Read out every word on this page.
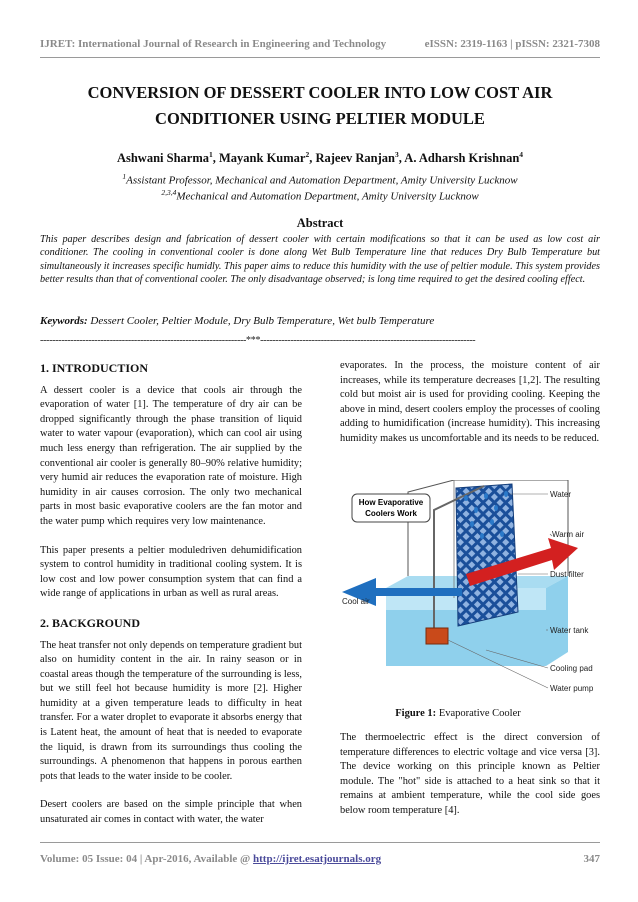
IJRET: International Journal of Research in Engineering and Technology	eISSN: 2319-1163 | pISSN: 2321-7308
CONVERSION OF DESSERT COOLER INTO LOW COST AIR
CONDITIONER USING PELTIER MODULE
Ashwani Sharma$^1$, Mayank Kumar$^2$, Rajeev Ranjan$^3$, A. Adharsh Krishnan$^4$
$^1$Assistant Professor, Mechanical and Automation Department, Amity University Lucknow
$^{2,3,4}$Mechanical and Automation Department, Amity University Lucknow
Abstract
This paper describes design and fabrication of dessert cooler with certain modifications so that it can be used as low cost air conditioner. The cooling in conventional cooler is done along Wet Bulb Temperature line that reduces Dry Bulb Temperature but simultaneously it increases specific humidly. This paper aims to reduce this humidity with the use of peltier module. This system provides better results than that of conventional cooler. The only disadvantage observed; is long time required to get the desired cooling effect.
Keywords: Dessert Cooler, Peltier Module, Dry Bulb Temperature, Wet bulb Temperature
--------------------------------------------------------------------***-----------------------------------------------------------------------
1. INTRODUCTION

A dessert cooler is a device that cools air through the evaporation of water [1]. The temperature of dry air can be dropped significantly through the phase transition of liquid water to water vapour (evaporation), which can cool air using much less energy than refrigeration. The air supplied by the conventional air cooler is generally 80–90% relative humidity; very humid air reduces the evaporation rate of moisture. High humidity in air causes corrosion. The only two mechanical parts in most basic evaporative coolers are the fan motor and the water pump which requires very low maintenance.

This paper presents a peltier moduledriven dehumidification system to control humidity in traditional cooling system. It is low cost and low power consumption system that can find a wide range of applications in urban as well as rural areas.

2. BACKGROUND

The heat transfer not only depends on temperature gradient but also on humidity content in the air. In rainy season or in coastal areas though the temperature of the surrounding is less, but we still feel hot because humidity is more [2]. Higher humidity at a given temperature leads to difficulty in heat transfer. For a water droplet to evaporate it absorbs energy that is Latent heat, the amount of heat that is needed to evaporate the liquid, is drawn from its surroundings thus cooling the surroundings. A phenomenon that happens in porous earthen pots that leads to the water inside to be cooler.

Desert coolers are based on the simple principle that when unsaturated air comes in contact with water, the water

evaporates. In the process, the moisture content of air increases, while its temperature decreases [1,2]. The resulting cold but moist air is used for providing cooling. Keeping the above in mind, desert coolers employ the processes of cooling adding to humidification (increase humidity). This increasing humidity makes us uncomfortable and its needs to be reduced.

How Evaporative
Coolers Work
Water
Warm air
Dust filter
Cool air
Water tank
Cooling pad
Water pump
Figure 1: Evaporative Cooler

The thermoelectric effect is the direct conversion of temperature differences to electric voltage and vice versa [3]. The device working on this principle known as Peltier module. The "hot" side is attached to a heat sink so that it remains at ambient temperature, while the cool side goes below room temperature [4].

Volume: 05 Issue: 04 | Apr-2016, Available @ http://ijret.esatjournals.org	347
